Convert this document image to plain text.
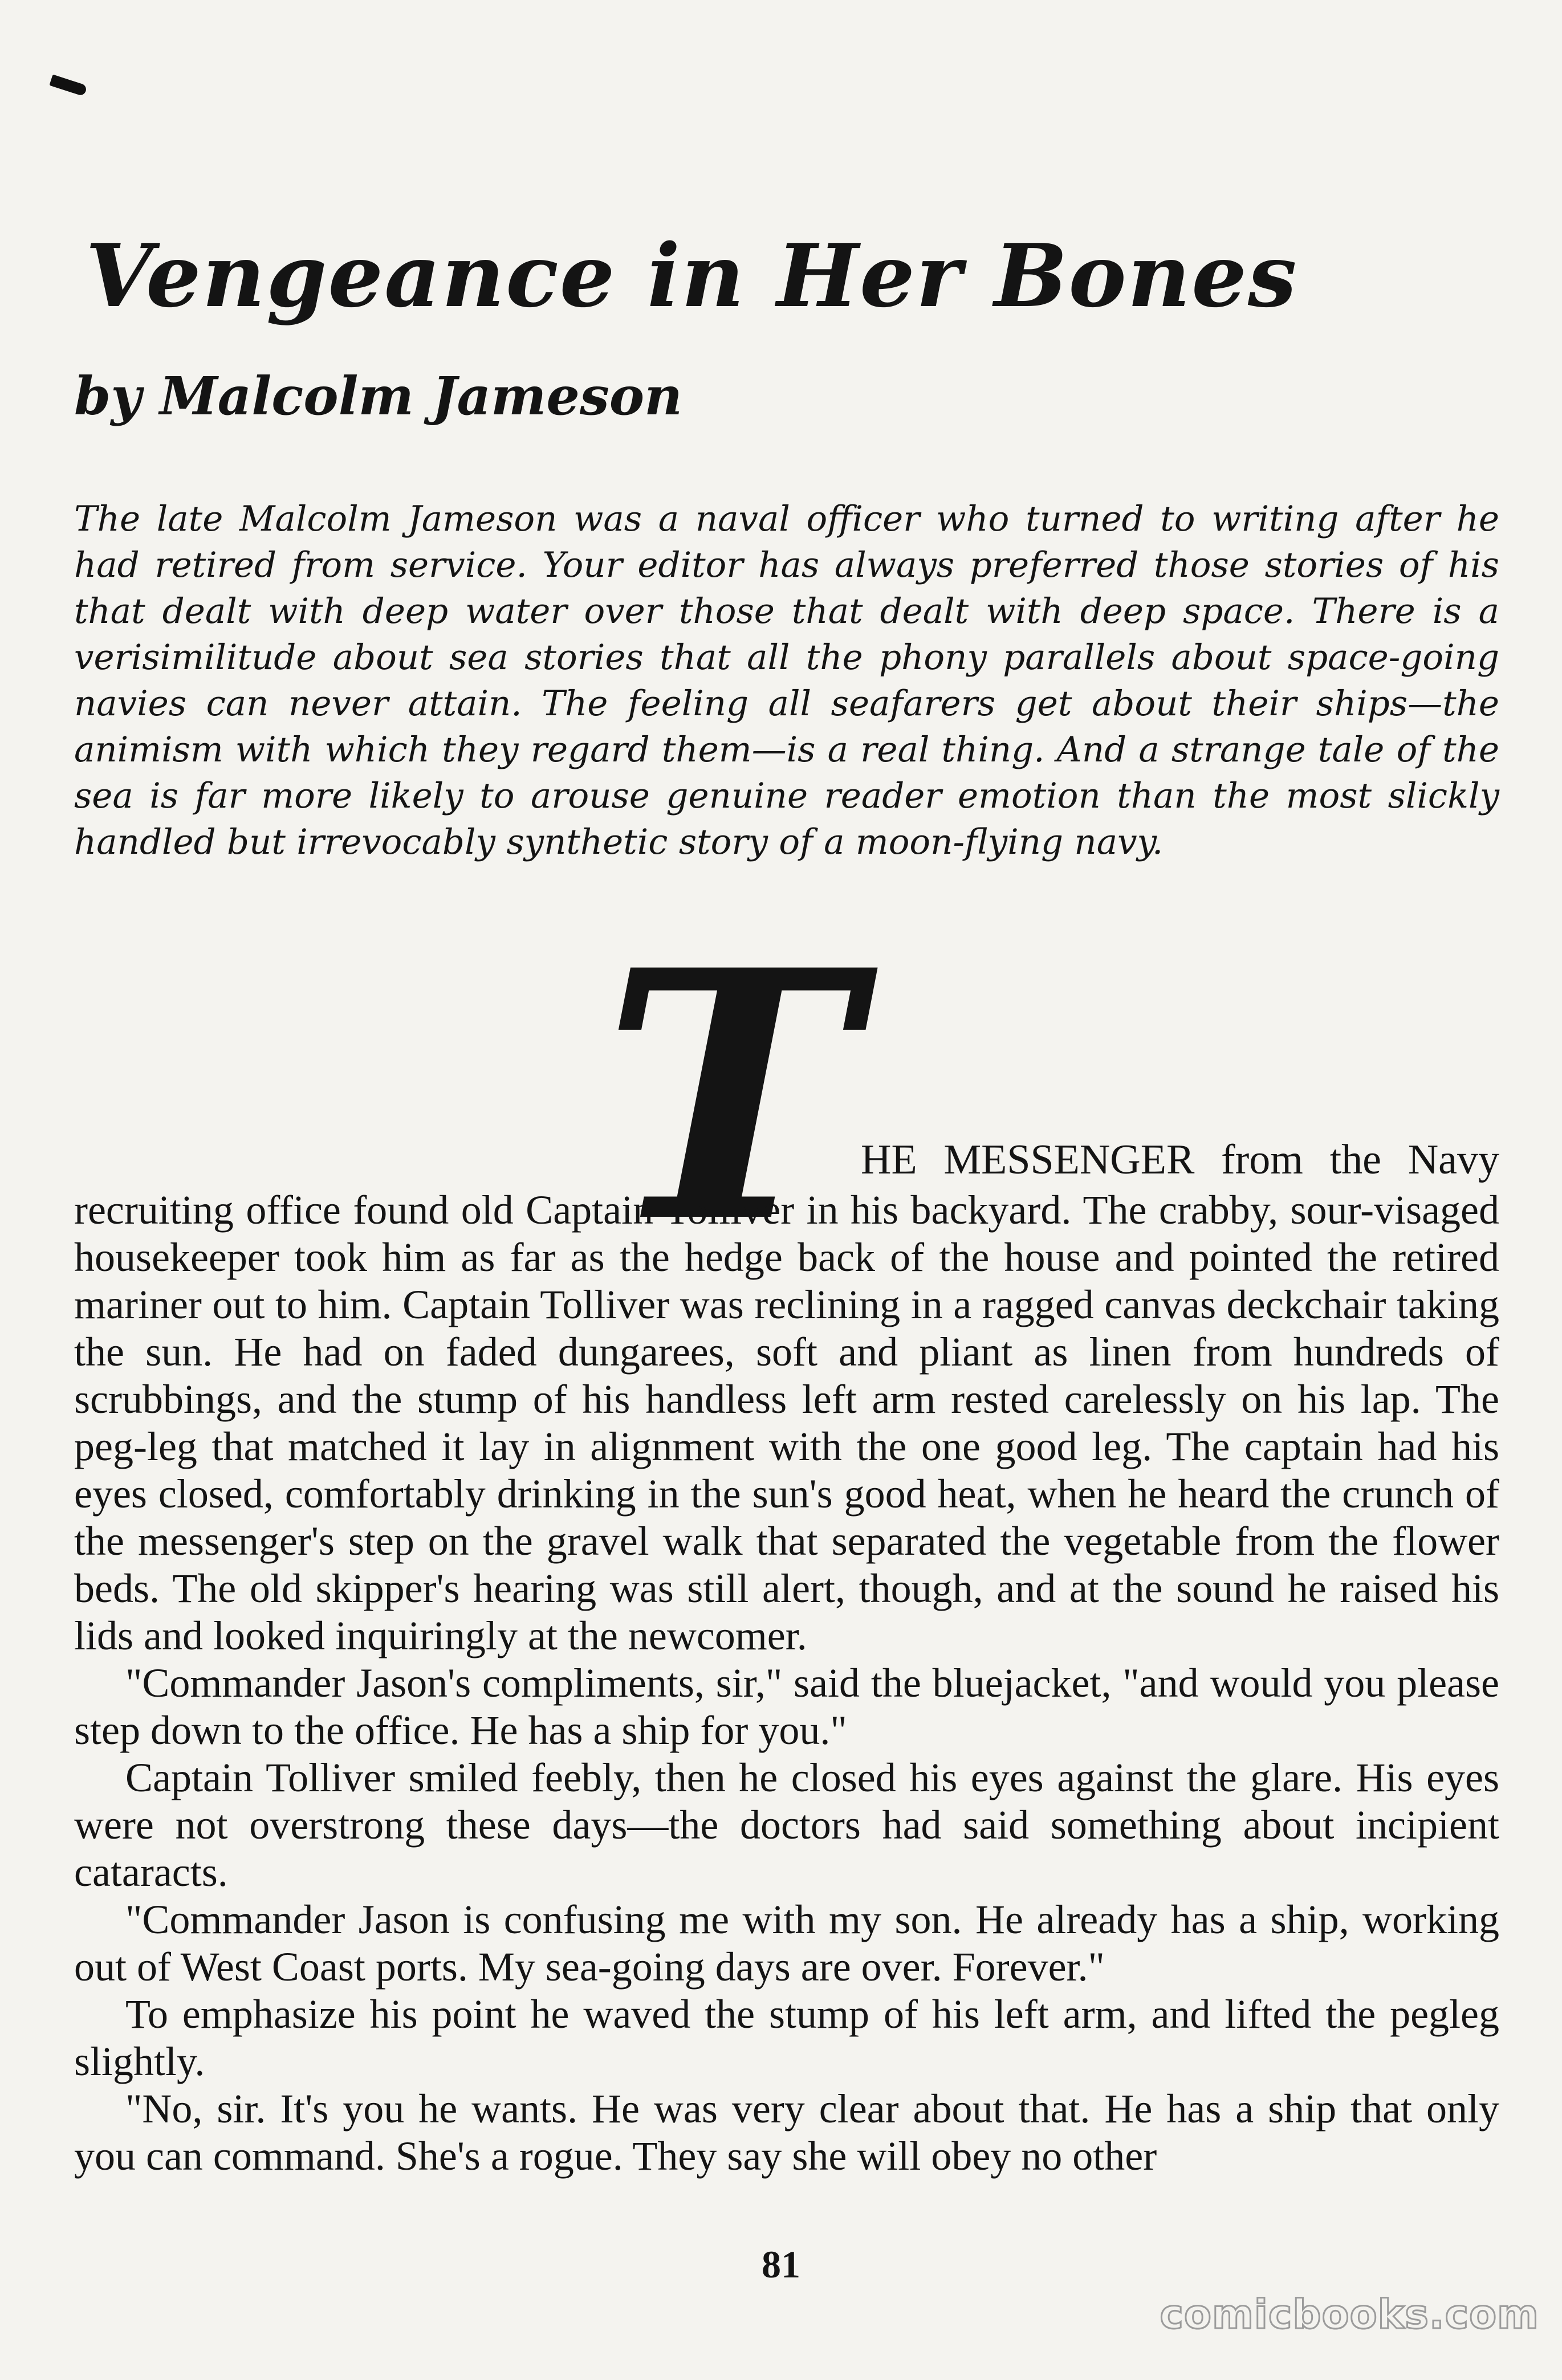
Vengeance in Her Bones
by Malcolm Jameson

The late Malcolm Jameson was a naval officer who turned to writing after he had retired from service. Your editor has always preferred those stories of his that dealt with deep water over those that dealt with deep space. There is a verisimilitude about sea stories that all the phony parallels about space-going navies can never attain. The feeling all seafarers get about their ships—the animism with which they regard them—is a real thing. And a strange tale of the sea is far more likely to arouse genuine reader emotion than the most slickly handled but irrevocably synthetic story of a moon-flying navy.

T HE MESSENGER from the Navy

recruiting office found old Captain Tolliver in his backyard. The crabby, sour-visaged housekeeper took him as far as the hedge back of the house and pointed the retired mariner out to him. Captain Tolliver was reclining in a ragged canvas deckchair taking the sun. He had on faded dungarees, soft and pliant as linen from hundreds of scrubbings, and the stump of his handless left arm rested carelessly on his lap. The peg-leg that matched it lay in alignment with the one good leg. The captain had his eyes closed, comfortably drinking in the sun's good heat, when he heard the crunch of the messenger's step on the gravel walk that separated the vegetable from the flower beds. The old skipper's hearing was still alert, though, and at the sound he raised his lids and looked inquiringly at the newcomer.

"Commander Jason's compliments, sir," said the bluejacket, "and would you please step down to the office. He has a ship for you."

Captain Tolliver smiled feebly, then he closed his eyes against the glare. His eyes were not overstrong these days—the doctors had said something about incipient cataracts.

"Commander Jason is confusing me with my son. He already has a ship, working out of West Coast ports. My sea-going days are over. Forever."

To emphasize his point he waved the stump of his left arm, and lifted the pegleg slightly.

"No, sir. It's you he wants. He was very clear about that. He has a ship that only you can command. She's a rogue. They say she will obey no other

81

comicbooks.com
